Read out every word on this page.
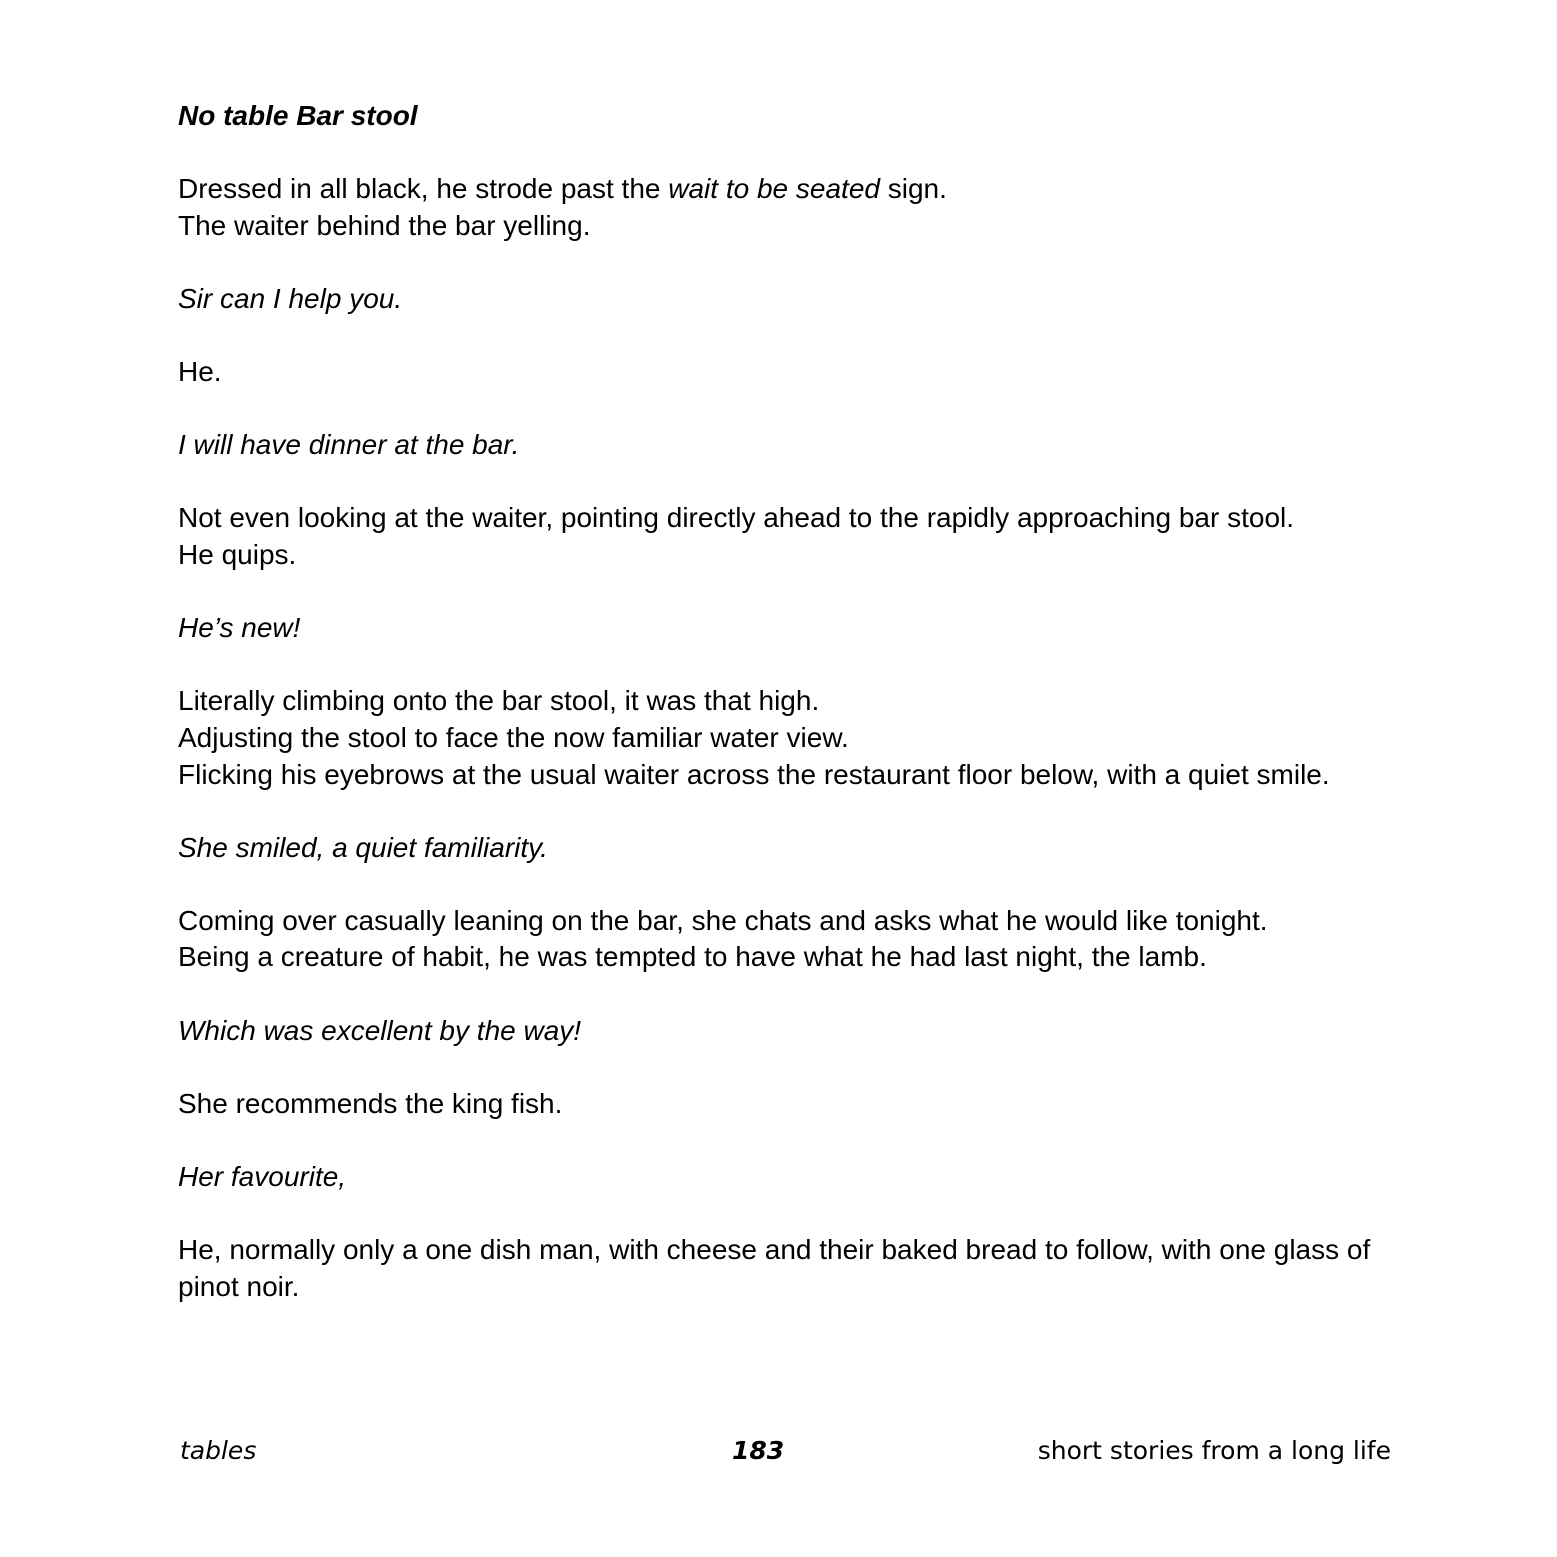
No table Bar stool

Dressed in all black, he strode past the wait to be seated sign.
The waiter behind the bar yelling.

Sir can I help you.

He.

I will have dinner at the bar.

Not even looking at the waiter, pointing directly ahead to the rapidly approaching bar stool.
He quips.

He’s new!

Literally climbing onto the bar stool, it was that high.
Adjusting the stool to face the now familiar water view.
Flicking his eyebrows at the usual waiter across the restaurant floor below, with a quiet smile.

She smiled, a quiet familiarity.

Coming over casually leaning on the bar, she chats and asks what he would like tonight.
Being a creature of habit, he was tempted to have what he had last night, the lamb.

Which was excellent by the way!

She recommends the king fish.

Her favourite,

He, normally only a one dish man, with cheese and their baked bread to follow, with one glass of pinot noir.

tables	183	short stories from a long life
